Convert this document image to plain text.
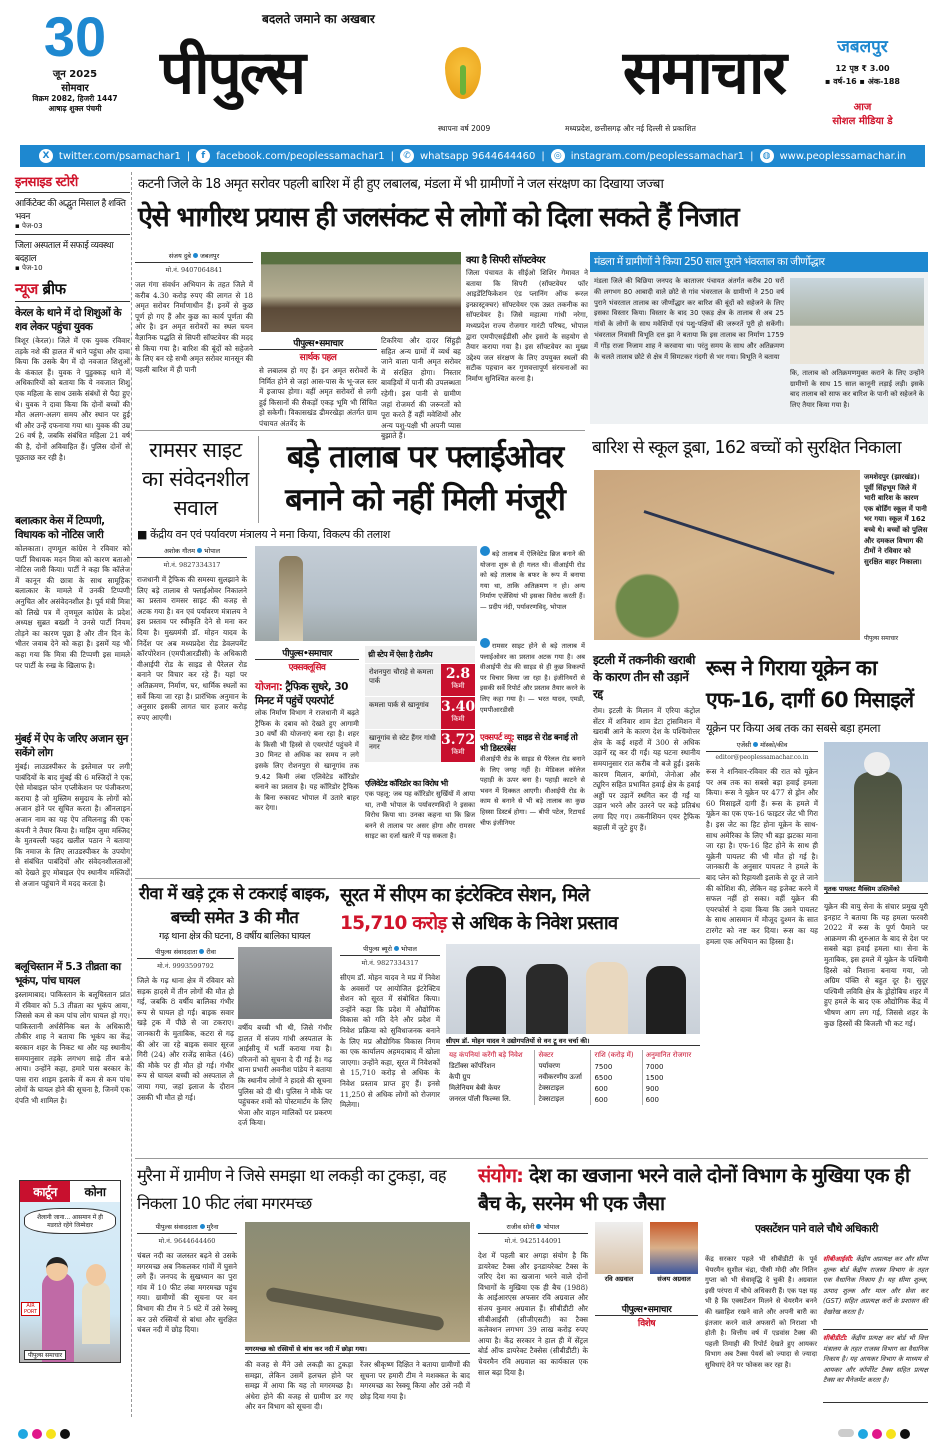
30
जून 2025
सोमवार
विक्रम 2082, हिजरी 1447
आषाढ़ शुक्ल पंचमी
बदलते जमाने का अखबार
पीपुल्स	समाचार
स्थापना वर्ष 2009	मध्यप्रदेश, छत्तीसगढ़ और नई दिल्ली से प्रकाशित
जबलपुर
12 पृष्ठ ₹ 3.00
▪ वर्ष-16 ▪ अंक-188
आज
सोशल मीडिया डे
X twitter.com/psamachar1 |	f	facebook.com/peoplessamachar1 |	✆ whatsapp 9644644460 |	◎ instagram.com/peoplessamachar1 |	◍ www.peoplessamachar.in
इनसाइड स्टोरी
आर्किटेक्ट की अद्भुत मिसाल है शक्ति भवन
▪ पेज-03
जिला अस्पताल में सफाई व्यवस्था बदहाल
▪ पेज-10
न्यूज ब्रीफ
केरल के थाने में दो शिशुओं के शव लेकर पहुंचा युवक
त्रिशूर (केरल)। जिले में एक युवक रविवार तड़के नशे की हालत में थाने पहुंचा और दावा किया कि उसके बैग में दो नवजात शिशुओं के कंकाल हैं। युवक ने पुडुक्कड़ थाने में अधिकारियों को बताया कि ये नवजात शिशु एक महिला के साथ उसके संबंधों से पैदा हुए थे। युवक ने दावा किया कि दोनों बच्चों की मौत अलग-अलग समय और स्थान पर हुई थी और उन्हें दफनाया गया था। युवक की उम्र 26 वर्ष है, जबकि संबंधित महिला 21 वर्ष की है, दोनों अविवाहित हैं। पुलिस दोनों से पूछताछ कर रही है।
बलात्कार केस में टिप्पणी, विधायक को नोटिस जारी
कोलकाता। तृणमूल कांग्रेस ने रविवार को पार्टी विधायक मदन मित्रा को कारण बताओ नोटिस जारी किया। पार्टी ने कहा कि कॉलेज में कानून की छात्रा के साथ सामूहिक बलात्कार के मामले में उनकी टिप्पणी अनुचित और असंवेदनशील है। पूर्व मंत्री मित्रा को लिखे पत्र में तृणमूल कांग्रेस के प्रदेश अध्यक्ष सुब्रत बख्शी ने उनसे पार्टी नियम तोड़ने का कारण पूछा है और तीन दिन के भीतर जवाब देने को कहा है। इसमें यह भी कहा गया कि मित्रा की टिप्पणी इस मामले पर पार्टी के रुख के खिलाफ है।
मुंबई में ऐप के जरिए अजान सुन सकेंगे लोग
मुंबई। लाउडस्पीकर के इस्तेमाल पर लगी पाबंदियों के बाद मुंबई की 6 मस्जिदों ने एक ऐसे मोबाइल फोन एप्लीकेशन पर पंजीकरण कराया है जो मुस्लिम समुदाय के लोगों को अजान होने पर सूचित करता है। ऑनलाइन अजान नाम का यह ऐप तमिलनाडु की एक कंपनी ने तैयार किया है। माहिम जुमा मस्जिद के मुतवल्ली फहद खलील पठान ने बताया कि नमाज के लिए लाउडस्पीकर के उपयोग से संबंधित पाबंदियों और संवेदनशीलताओं को देखते हुए मोबाइल ऐप स्थानीय मस्जिदों से अजान पहुंचाने में मदद करता है।
बलूचिस्तान में 5.3 तीव्रता का भूकंप, पांच घायल
इस्लामाबाद। पाकिस्तान के बलूचिस्तान प्रांत में रविवार को 5.3 तीव्रता का भूकंप आया, जिससे कम से कम पांच लोग घायल हो गए। पाकिस्तानी अर्धसैनिक बल के अधिकारी तौकीर शाह ने बताया कि भूकंप का केंद्र बरकान शहर के निकट था और यह स्थानीय समयानुसार तड़के लगभग साढ़े तीन बजे आया। उन्होंने कहा, हमारे पास बरकार के पास रारा शाइम इलाके में कम से कम पांच लोगों के घायल होने की सूचना है, जिनमें एक दंपति भी शामिल है।
कार्टून	कोना
शैलानी जाना... आसमान में ही मडराते रहेंगे जिम्मेदार
AIR PORT
पीपुल्स समाचार
कटनी जिले के 18 अमृत सरोवर पहली बारिश में ही हुए लबालब, मंडला में भी ग्रामीणों ने जल संरक्षण का दिखाया जज्बा
ऐसे भागीरथ प्रयास ही जलसंकट से लोगों को दिला सकते हैं निजात
संजय दुबे जबलपुर
मो.नं. 9407064841
जल गंगा संवर्धन अभियान के तहत जिले में करीब 4.30 करोड़ रुपए की लागत से 18 अमृत सरोवर निर्माणाधीन हैं। इनमें से कुछ पूर्ण हो गए हैं और कुछ का कार्य पूर्णता की ओर है। इन अमृत सरोवरों का स्थल चयन वैज्ञानिक पद्धति से सिपरी सॉफ्टवेयर की मदद से किया गया है। बारिश की बूंदों को सहेजने के लिए बन रहे सभी अमृत सरोवर मानसून की पहली बारिश में ही पानी
पीपुल्स•समाचार
सार्थक पहल
से लबालब हो गए हैं। इन अमृत सरोवरों के निर्मित होने से जहां आस-पास के भू-जल स्तर में इजाफा होगा। वहीं अमृत सरोवरों से लगी हुई किसानों की सैकड़ों एकड़ भूमि भी सिंचित हो सकेगी। विकासखंड ढीमरखेड़ा अंतर्गत ग्राम पंचायत अंतर्वेद के
टिकरिया और दादर सिंहुड़ी सहित अन्य ग्रामों में व्यर्थ बह जाने वाला पानी अमृत सरोवर में संरक्षित होगा। निस्तार बावड़ियों में पानी की उपलब्धता रहेगी। इस पानी से ग्रामीण जहां रोजमर्रा की जरूरतों को पूरा करते हैं वहीं मवेशियों और अन्य पशु-पक्षी भी अपनी प्यास बुझाते हैं।
क्या है सिपरी सॉफ्टवेयर
जिला पंचायत के सीईओ शिशिर गेमावत ने बताया कि सिपरी (सॉफ्टवेयर फॉर आइडेंटिफिकेशन एंड प्लानिंग ऑफ रूरल इन्फ्रास्ट्रक्चर) सॉफ्टवेयर एक उन्नत तकनीक का सॉफ्टवेयर है। जिसे महात्मा गांधी नरेगा, मध्यप्रदेश राज्य रोजगार गारंटी परिषद, भोपाल द्वारा एमपीएसईडीसी और इसरो के सहयोग से तैयार कराया गया है। इस सॉफ्टवेयर का मुख्य उद्देश्य जल संरक्षण के लिए उपयुक्त स्थलों की सटीक पहचान कर गुणवत्तापूर्ण संरचनाओं का निर्माण सुनिश्चित करना है।
मंडला में ग्रामीणों ने किया 250 साल पुराने भंवरताल का जीर्णोद्धार
मंडला जिले की बिछिया जनपद के काताजर पंचायत अंतर्गत करीब 20 घरों की लगभग 80 आबादी वाले छोटे से गांव भंवरताल के ग्रामीणों ने 250 वर्ष पुराने भंवरताल तालाब का जीर्णोद्धार कर बारिश की बूंदों को सहेजने के लिए इसका विस्तार किया। विस्तार के बाद 30 एकड़ क्षेत्र के तालाब से अब 25 गांवों के लोगों के साथ मवेशियों एवं पशु-पक्षियों की जरूरतें पूरी हो सकेंगी। भंवरताल निवासी विभूति दत्त झा ने बताया कि इस तालाब का निर्माण 1759 में गोंड़ राजा निजाम शाह ने करवाया था। परंतु समय के साथ और अतिक्रमण के चलते तालाब छोटे से क्षेत्र में सिमटकर गंदगी से भर गया। विभूति ने बताया
कि, तालाब को अतिक्रमणमुक्त कराने के लिए उन्होंने ग्रामीणों के साथ 15 साल कानूनी लड़ाई लड़ी। इसके बाद तालाब को साफ कर बारिश के पानी को सहेजने के लिए तैयार किया गया है।
रामसर साइट का संवेदनशील सवाल
बड़े तालाब पर फ्लाईओवर बनाने को नहीं मिली मंजूरी
■ केंद्रीय वन एवं पर्यावरण मंत्रालय ने मना किया, विकल्प की तलाश
अशोक गौतम भोपाल
मो.नं. 9827334317
राजधानी में ट्रैफिक की समस्या सुलझाने के लिए बड़े तालाब से फ्लाईओवर निकालने का प्रस्ताव रामसर साइट की वजह से अटक गया है। वन एवं पर्यावरण मंत्रालय ने इस प्रस्ताव पर स्वीकृति देने से मना कर दिया है। मुख्यमंत्री डॉ. मोहन यादव के निर्देश पर अब मध्यप्रदेश रोड डेवलपमेंट कॉरपोरेशन (एमपीआरडीसी) के अधिकारी वीआईपी रोड के साइड से पैरेलल रोड बनाने पर विचार कर रहे हैं। यहां पर अतिक्रमण, निर्माण, घर, धार्मिक स्थलों का सर्वे किया जा रहा है। प्रारंभिक अनुमान के अनुसार इसकी लागत चार हजार करोड़ रुपए आएगी।
पीपुल्स•समाचार
एक्सक्लूसिव
योजना: ट्रैफिक सुधरे, 30 मिनट में पहुंचें एयरपोर्ट
लोक निर्माण विभाग ने राजधानी में बढ़ते ट्रैफिक के दबाव को देखते हुए आगामी 30 वर्षों की योजनाएं बना रहा है। शहर के किसी भी हिस्से से एयरपोर्ट पहुंचने में 30 मिनट से अधिक का समय न लगे इसके लिए रोशनपुरा से खानूगांव तक 9.42 किमी लंबा एलिवेटेड कॉरिडोर बनाने का प्रस्ताव है। यह कॉरिडोर ट्रैफिक के बिना रुकावट भोपाल में उतारे बाहर कर देगा।
थ्री स्टेप में ऐसा है रोडमैप
रोशनपुरा चौराहे से कमला पार्क	2.8
किमी
कमला पार्क से खानूगांव 3.40
किमी
खानूगांव से स्टेट हैंगर गांधी नगर	3.72
किमी
एलिवेटेड कॉरिडोर का विरोध भी
एक पहलू: जब यह कॉरिडोर सुर्खियों में आया था, तभी भोपाल के पर्यावरणविदों ने इसका विरोध किया था। उनका कहना था कि ब्रिज बनने से तालाब पर असर होगा और रामसर साइट का दर्जा खतरे में पड़ सकता है।
बड़े तालाब में ऐलिवेटेड ब्रिज बनाने की योजना शुरू से ही गलत थी। वीआईपी रोड को बड़े तालाब के बफर के रूप में बनाया गया था, ताकि अतिक्रमण न हो। अन्य निर्माण एजेंसियां भी इसका विरोध करती हैं। — प्रदीप नंदी, पर्यावरणविद्, भोपाल
रामसर साइट होने से बड़े तालाब में फ्लाईओवर का प्रस्ताव अटक गया है। अब वीआईपी रोड की साइड से ही कुछ विकल्पों पर विचार किया जा रहा है। इंजीनियरों से इसकी सर्वे रिपोर्ट और प्रस्ताव तैयार करने के लिए कहा गया है। — भरत यादव, एमडी, एमपीआरडीसी
एक्सपर्ट व्यू: साइड से रोड बनाई तो भी डिस्टरबेंस
वीआईपी रोड के साइड से पैरेलल रोड बनाने के लिए जगह नहीं है। मेडिकल कॉलेज पहाड़ी के ऊपर बना है। पहाड़ी काटने से भवन में दिक्कत आएगी। वीआईपी रोड के काम से बनाने से भी बड़े तालाब का कुछ हिस्सा डिस्टर्ब होगा। — बीपी पटेल, रिटायर्ड चीफ इंजीनियर
बारिश से स्कूल डूबा, 162 बच्चों को सुरक्षित निकाला
जमशेदपुर (झारखंड)। पूर्वी सिंहभूम जिले में भारी बारिश के कारण एक बोर्डिंग स्कूल में पानी भर गया। स्कूल में 162 बच्चे थे। बच्चों को पुलिस और दमकल विभाग की टीमों ने रविवार को सुरक्षित बाहर निकाला।
पीपुल्स समाचार
इटली में तकनीकी खराबी के कारण तीन सौ उड़ानें रद्द
रोम। इटली के मिलान में एरिया कंट्रोल सेंटर में शनिवार शाम डेटा ट्रांसमिशन में खराबी आने के कारण देश के पश्चिमोत्तर क्षेत्र के कई शहरों में 300 से अधिक उड़ानें रद्द कर दी गईं। यह घटना स्थानीय समयानुसार रात करीब नौ बजे हुई। इसके कारण मिलान, बर्गामो, जेनोआ और ट्यूरिन सहित प्रभावित हवाई क्षेत्र के हवाई अड्डों पर उड़ानें स्थगित कर दी गईं या उड़ान भरने और उतरने पर कड़े प्रतिबंध लगा दिए गए। तकनीशियन एयर ट्रैफिक बहाली में जुटे हुए हैं।
रूस ने गिराया यूक्रेन का एफ-16, दागीं 60 मिसाइलें
यूक्रेन पर किया अब तक का सबसे बड़ा हमला
एजेंसी मॉस्को/कीव
editor@peoplessamachar.co.in
रूस ने शनिवार-रविवार की रात को यूक्रेन पर अब तक का सबसे बड़ा हवाई हमला किया। रूस ने यूक्रेन पर 477 से ड्रोन और 60 मिसाइलें दागी हैं। रूस के हमले में यूक्रेन का एक एफ-16 फाइटर जेट भी गिरा है। इस जेट का हिट होना यूक्रेन के साथ-साथ अमेरिका के लिए भी बड़ा झटका माना जा रहा है। एफ-16 हिट होने के साथ ही यूक्रेनी पायलट की भी मौत हो गई है। जानकारी के अनुसार पायलट ने हमले के बाद प्लेन को रिहायशी इलाके से दूर ले जाने की कोशिश की, लेकिन वह इजेक्ट करने में सफल नहीं हो सका। वहीं यूक्रेन की एयरफोर्स ने दावा किया कि उसने पायलट के साथ आसमान में मौजूद दुश्मन के सात टारगेट को नष्ट कर दिया। रूस का यह हमला एक अभियान का हिस्सा है।
मृतक पायलट मैक्सिम उस्तिमेंको
यूक्रेन की वायु सेना के संचार प्रमुख यूरी इनहाट ने बताया कि यह हमला फरवरी 2022 में रूस के पूर्ण पैमाने पर आक्रमण की शुरुआत के बाद से देश पर सबसे बड़ा हवाई हमला था। सेना के मुताबिक, इस हमले में यूक्रेन के पश्चिमी हिस्से को निशाना बनाया गया, जो अग्रिम पंक्ति से बहुत दूर है। सुदूर पश्चिमी लविवि क्षेत्र के ड्रोहोबिच शहर में हुए हमले के बाद एक औद्योगिक केंद्र में भीषण आग लग गई, जिससे शहर के कुछ हिस्सों की बिजली भी कट गई।
रीवा में खड़े ट्रक से टकराई बाइक, बच्ची समेत 3 की मौत
गढ़ थाना क्षेत्र की घटना, 8 वर्षीय बालिका घायल
पीपुल्स संवाददाता रीवा
मो.नं. 9993599792
जिले के गढ़ थाना क्षेत्र में रविवार को सड़क हादसे में तीन लोगों की मौत हो गई, जबकि 8 वर्षीय बालिका गंभीर रूप से घायल हो गई। बाइक सवार खड़े ट्रक में पीछे से जा टकराए। जानकारी के मुताबिक, कटरा से गढ़ की ओर जा रहे बाइक सवार सूरज गिरी (24) और राजेंद्र साकेत (46) की मौके पर ही मौत हो गई। गंभीर रूप से घायल बच्ची को अस्पताल ले जाया गया, जहां इलाज के दौरान उसकी भी मौत हो गई।
वर्षीय बच्ची भी थी, जिसे गंभीर हालत में संजय गांधी अस्पताल के आईसीयू में भर्ती कराया गया है। परिजनों को सूचना दे दी गई है। गढ़ थाना प्रभारी अवनीश पांडेय ने बताया कि स्थानीय लोगों ने हादसे की सूचना पुलिस को दी थी। पुलिस ने मौके पर पहुंचकर शवों को पोस्टमार्टम के लिए भेजा और वाहन मालिकों पर प्रकरण दर्ज किया।
सूरत में सीएम का इंटरेक्टिव सेशन, मिले
15,710 करोड़ से अधिक के निवेश प्रस्ताव
पीपुल्स ब्यूरो भोपाल
मो.नं. 9827334317
सीएम डॉ. मोहन यादव ने मप्र में निवेश के अवसरों पर आयोजित इंटरेक्टिव सेशन को सूरत में संबोधित किया। उन्होंने कहा कि प्रदेश में औद्योगिक विकास को गति देने और प्रदेश में निवेश प्रक्रिया को सुविधाजनक बनाने के लिए मप्र औद्योगिक विकास निगम का एक कार्यालय अहमदाबाद में खोला जाएगा। उन्होंने कहा, सूरत में निवेशकों से 15,710 करोड़ से अधिक के निवेश प्रस्ताव प्राप्त हुए हैं। इनसे 11,250 से अधिक लोगों को रोजगार मिलेगा।
सीएम डॉ. मोहन यादव ने उद्योगपतियों से वन टू वन चर्चा की।
यह कंपनियां करेंगी बड़े निवेश	सेक्टर	राशि (करोड़ में)	अनुमानित रोजगार
डिटॉक्स कॉर्पोरेशन	पर्यावरण	7500	7000
केपी ग्रुप	नवीकरणीय ऊर्जा	6500	1500
मिलेनियम बेबी केयर	टेक्सटाइल	600	900
जनरल पॉली फिल्म्स लि.	टेक्सटाइल	600	600
मुरैना में ग्रामीण ने जिसे समझा था लकड़ी का टुकड़ा, वह निकला 10 फीट लंबा मगरमच्छ
पीपुल्स संवाददाता मुरैना
मो.नं. 9644644460
चंबल नदी का जलस्तर बढ़ने से उसके मगरमच्छ अब निकलकर गांवों में घुसने लगे हैं। जनपद के सुखध्यान का पुरा गांव में 10 फीट लंबा मगरमच्छ पहुंच गया। ग्रामीणों की सूचना पर वन विभाग की टीम ने 5 घंटे में उसे रेस्क्यू कर उसे रस्सियों से बांधा और सुरक्षित चंबल नदी में छोड़ दिया।
मगरमच्छ को रस्सियों से बांध कर नदी में छोड़ा गया।
की वजह से मैंने उसे लकड़ी का टुकड़ा समझा, लेकिन उसमें हलचल होने पर समझ में आया कि यह तो मगरमच्छ है। अंधेरा होने की वजह से ग्रामीण डर गए और वन विभाग को सूचना दी।
रेंजर श्रीकृष्ण दिक्षित ने बताया ग्रामीणों की सूचना पर हमारी टीम ने मशक्कत के बाद मगरमच्छ का रेस्क्यू किया और उसे नदी में छोड़ दिया गया है।
संयोग: देश का खजाना भरने वाले दोनों विभाग के मुखिया एक ही बैच के, सरनेम भी एक जैसा
राजीव सोनी भोपाल
मो.नं. 9425144091
देश में पहली बार अगड़ा संयोग है कि डायरेक्ट टैक्स और इनडायरेक्ट टैक्स के जरिए देश का खजाना भरने वाले दोनों विभागों के मुखिया एक ही बैच (1988) के आईआरएस अफसर रवि अग्रवाल और संजय कुमार अग्रवाल हैं। सीबीडीटी और सीबीआईसी (सीजीएसटी) का टैक्स कलेक्शन लगभग 39 लाख करोड़ रुपए आया है। केंद्र सरकार ने हाल ही में सेंट्रल बोर्ड ऑफ डायरेक्ट टैक्सेस (सीबीडीटी) के चेयरमैन रवि अग्रवाल का कार्यकाल एक साल बढ़ा दिया है।
रवि अग्रवाल	संजय अग्रवाल
पीपुल्स•समाचार
विशेष
एक्सटेंशन पाने वाले चौथे अधिकारी
केंद्र सरकार पहले भी सीबीडीटी के पूर्व चेयरमैन सुशील चंद्रा, पीसी मोदी और नितिन गुप्ता को भी सेवावृद्धि दे चुकी है। अग्रवाल इसी परंपरा में चौथे अधिकारी हैं। एक पक्ष यह भी है कि एक्सटेंशन मिलने से चेयरमैन बनने की ख्वाहिश रखने वाले और अपनी बारी का इंतजार करने वाले अफसरों को निराशा भी होती है। वित्तीय वर्ष में एडवांस टैक्स की पहली तिमाही की रिपोर्ट देखते हुए आयकर विभाग अब टैक्स पेयर्स को ज्यादा से ज्यादा सुविधाएं देने पर फोकस कर रहा है।
सीबीआईसी: केंद्रीय अप्रत्यक्ष कर और सीमा शुल्क बोर्ड केंद्रीय राजस्व विभाग के तहत एक वैधानिक निकाय है। यह सीमा शुल्क, उत्पाद शुल्क और माल और सेवा कर (GST) सहित अप्रत्यक्ष करों के प्रशासन की देखरेख करता है।
सीबीडीटी: केंद्रीय प्रत्यक्ष कर बोर्ड भी वित्त मंत्रालय के तहत राजस्व विभाग का वैधानिक निकाय है। यह आयकर विभाग के माध्यम से आयकर और कॉर्पोरेट टैक्स सहित प्रत्यक्ष टैक्स का मैनेजमेंट करता है।
